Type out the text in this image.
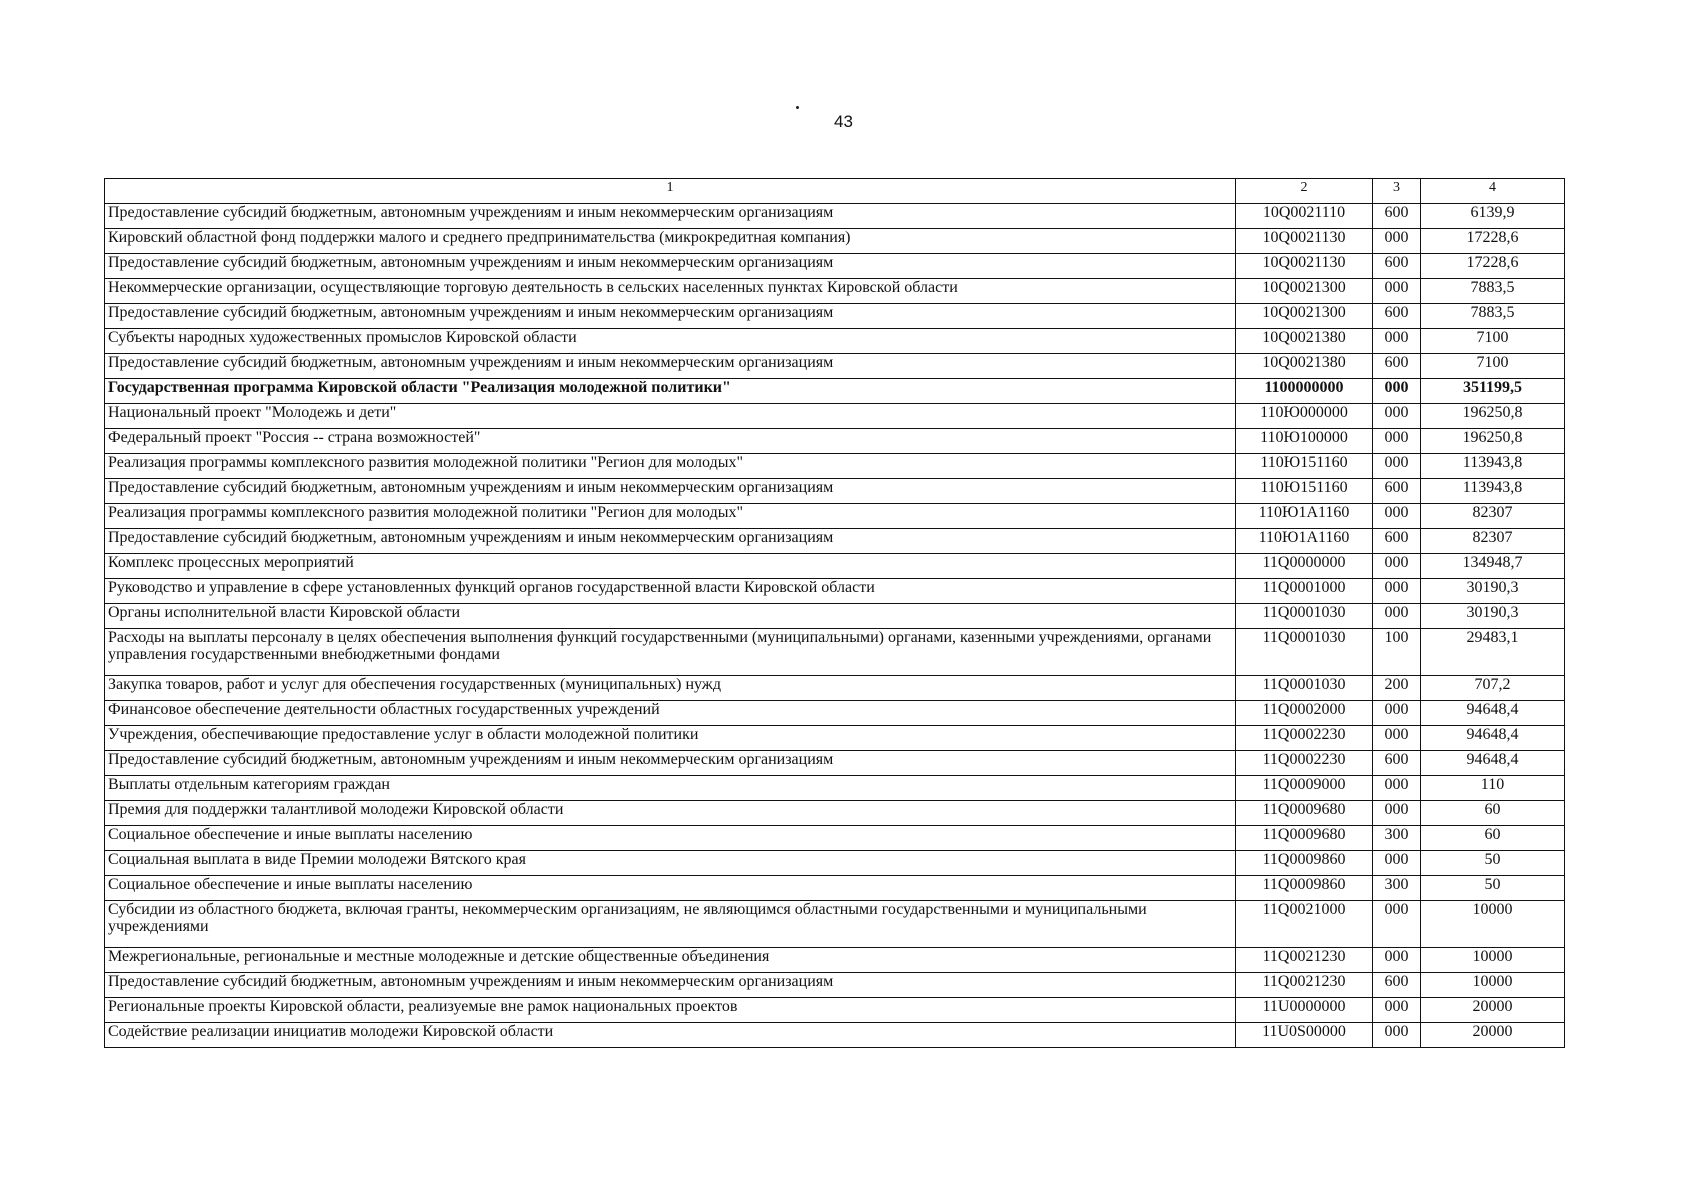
43
1	2	3	4
Предоставление субсидий бюджетным, автономным учреждениям и иным некоммерческим организациям	10Q0021110	600	6139,9
Кировский областной фонд поддержки малого и среднего предпринимательства (микрокредитная компания)	10Q0021130	000	17228,6
Предоставление субсидий бюджетным, автономным учреждениям и иным некоммерческим организациям	10Q0021130	600	17228,6
Некоммерческие организации, осуществляющие торговую деятельность в сельских населенных пунктах Кировской области	10Q0021300	000	7883,5
Предоставление субсидий бюджетным, автономным учреждениям и иным некоммерческим организациям	10Q0021300	600	7883,5
Субъекты народных художественных промыслов Кировской области	10Q0021380	000	7100
Предоставление субсидий бюджетным, автономным учреждениям и иным некоммерческим организациям	10Q0021380	600	7100
Государственная программа Кировской области "Реализация молодежной политики"	1100000000	000	351199,5
Национальный проект "Молодежь и дети"	110Ю000000	000	196250,8
Федеральный проект "Россия -- страна возможностей"	110Ю100000	000	196250,8
Реализация программы комплексного развития молодежной политики "Регион для молодых"	110Ю151160	000	113943,8
Предоставление субсидий бюджетным, автономным учреждениям и иным некоммерческим организациям	110Ю151160	600	113943,8
Реализация программы комплексного развития молодежной политики "Регион для молодых"	110Ю1А1160	000	82307
Предоставление субсидий бюджетным, автономным учреждениям и иным некоммерческим организациям	110Ю1А1160	600	82307
Комплекс процессных мероприятий	11Q0000000	000	134948,7
Руководство и управление в сфере установленных функций органов государственной власти Кировской области	11Q0001000	000	30190,3
Органы исполнительной власти Кировской области	11Q0001030	000	30190,3
Расходы на выплаты персоналу в целях обеспечения выполнения функций государственными (муниципальными) органами, казенными учреждениями, органами управления государственными внебюджетными фондами	11Q0001030	100	29483,1
Закупка товаров, работ и услуг для обеспечения государственных (муниципальных) нужд	11Q0001030	200	707,2
Финансовое обеспечение деятельности областных государственных учреждений	11Q0002000	000	94648,4
Учреждения, обеспечивающие предоставление услуг в области молодежной политики	11Q0002230	000	94648,4
Предоставление субсидий бюджетным, автономным учреждениям и иным некоммерческим организациям	11Q0002230	600	94648,4
Выплаты отдельным категориям граждан	11Q0009000	000	110
Премия для поддержки талантливой молодежи Кировской области	11Q0009680	000	60
Социальное обеспечение и иные выплаты населению	11Q0009680	300	60
Социальная выплата в виде Премии молодежи Вятского края	11Q0009860	000	50
Социальное обеспечение и иные выплаты населению	11Q0009860	300	50
Субсидии из областного бюджета, включая гранты, некоммерческим организациям, не являющимся областными государственными и муниципальными учреждениями	11Q0021000	000	10000
Межрегиональные, региональные и местные молодежные и детские общественные объединения	11Q0021230	000	10000
Предоставление субсидий бюджетным, автономным учреждениям и иным некоммерческим организациям	11Q0021230	600	10000
Региональные проекты Кировской области, реализуемые вне рамок национальных проектов	11U0000000	000	20000
Содействие реализации инициатив молодежи Кировской области	11U0S00000	000	20000
